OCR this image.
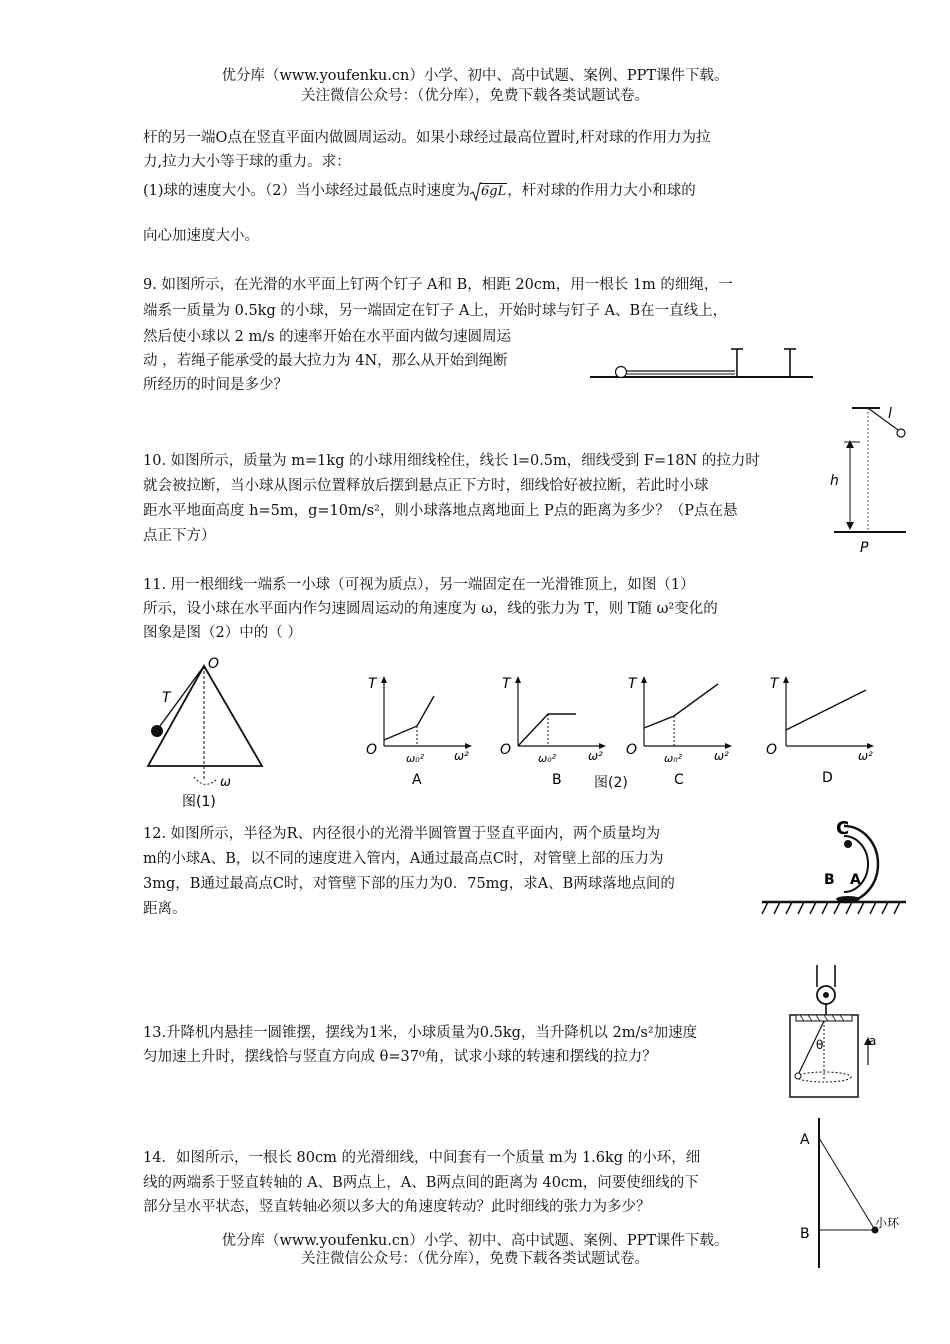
优分库（www.youfenku.cn）小学、初中、高中试题、案例、PPT课件下载。
关注微信公众号：（优分库），免费下载各类试题试卷。
杆的另一端O点在竖直平面内做圆周运动。如果小球经过最高位置时,杆对球的作用力为拉
力,拉力大小等于球的重力。求：
(1)球的速度大小。（2）当小球经过最低点时速度为 6gL，杆对球的作用力大小和球的
向心加速度大小。
9. 如图所示，在光滑的水平面上钉两个钉子 A和 B，相距 20cm，用一根长 1m 的细绳，一
端系一质量为 0.5kg 的小球，另一端固定在钉子 A上，开始时球与钉子 A、B在一直线上，
然后使小球以 2 m/s 的速率开始在水平面内做匀速圆周运
动 ，若绳子能承受的最大拉力为 4N，那么从开始到绳断
所经历的时间是多少？
10. 如图所示，质量为 m=1kg 的小球用细线栓住，线长 l=0.5m，细线受到 F=18N 的拉力时
就会被拉断，当小球从图示位置释放后摆到悬点正下方时，细线恰好被拉断，若此时小球
距水平地面高度 h=5m，g=10m/s²，则小球落地点离地面上 P点的距离为多少？（P点在悬
点正下方）
l
h
P
11. 用一根细线一端系一小球（可视为质点），另一端固定在一光滑锥顶上，如图（1）
所示，设小球在水平面内作匀速圆周运动的角速度为 ω，线的张力为 T，则 T随 ω²变化的
图象是图（2）中的（ ）
O
T
ω
图(1)
T
O
ω₀² ω²
A
T
O
ω₀²	ω²
B
T
O
ω₀²	ω²
C
图(2)
T
O	ω²
D
12. 如图所示，半径为R、内径很小的光滑半圆管置于竖直平面内，两个质量均为
m的小球A、B，以不同的速度进入管内，A通过最高点C时，对管壁上部的压力为
3mg，B通过最高点C时，对管壁下部的压力为0．75mg，求A、B两球落地点间的
距离。
C
A
B
13.升降机内悬挂一圆锥摆，摆线为1米，小球质量为0.5kg，当升降机以 2m/s²加速度
匀加速上升时，摆线恰与竖直方向成 θ=37⁰角，试求小球的转速和摆线的拉力？
θ	a
14．如图所示，一根长 80cm 的光滑细线，中间套有一个质量 m为 1.6kg 的小环，细
线的两端系于竖直转轴的 A、B两点上，A、B两点间的距离为 40cm，问要使细线的下
部分呈水平状态，竖直转轴必须以多大的角速度转动？此时细线的张力为多少？
A
B
小环
优分库（www.youfenku.cn）小学、初中、高中试题、案例、PPT课件下载。
关注微信公众号：（优分库），免费下载各类试题试卷。
